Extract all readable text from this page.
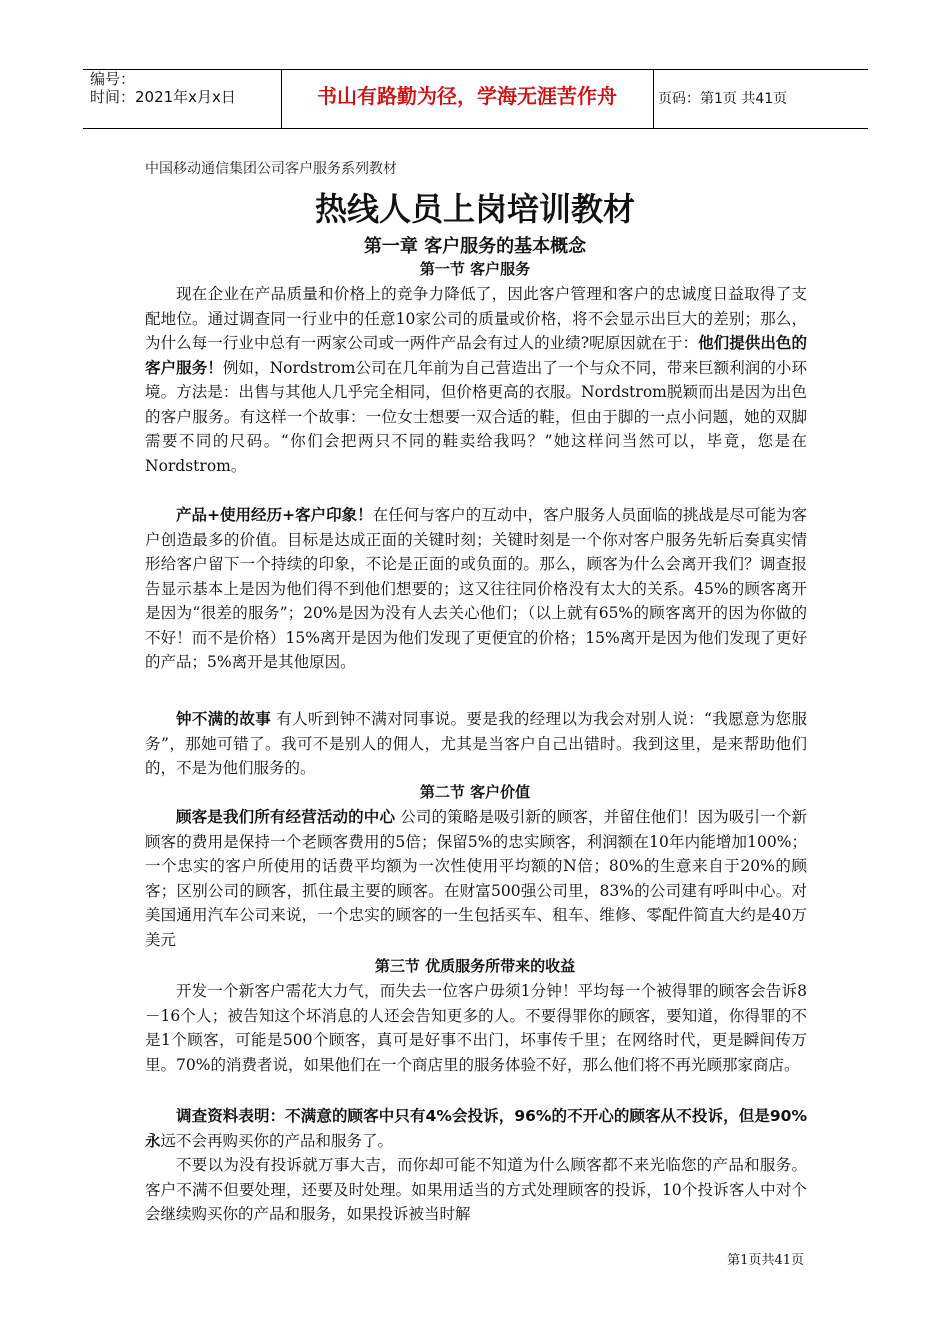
编号：
时间：2021年x月x日	书山有路勤为径，学海无涯苦作舟	页码：第1页 共41页
中国移动通信集团公司客户服务系列教材
热线人员上岗培训教材
第一章 客户服务的基本概念
第一节 客户服务

现在企业在产品质量和价格上的竞争力降低了，因此客户管理和客户的忠诚度日益取得了支配地位。通过调查同一行业中的任意10家公司的质量或价格，将不会显示出巨大的差别；那么，为什么每一行业中总有一两家公司或一两件产品会有过人的业绩?呢原因就在于：他们提供出色的客户服务！例如，Nordstrom公司在几年前为自己营造出了一个与众不同，带来巨额利润的小环境。方法是：出售与其他人几乎完全相同，但价格更高的衣服。Nordstrom脱颖而出是因为出色的客户服务。有这样一个故事：一位女士想要一双合适的鞋，但由于脚的一点小问题，她的双脚需要不同的尺码。“你们会把两只不同的鞋卖给我吗？”她这样问当然可以，毕竟，您是在Nordstrom。

产品+使用经历+客户印象！在任何与客户的互动中，客户服务人员面临的挑战是尽可能为客户创造最多的价值。目标是达成正面的关键时刻；关键时刻是一个你对客户服务先斩后奏真实情形给客户留下一个持续的印象，不论是正面的或负面的。那么，顾客为什么会离开我们？调查报告显示基本上是因为他们得不到他们想要的；这又往往同价格没有太大的关系。45%的顾客离开是因为“很差的服务”；20%是因为没有人去关心他们；（以上就有65%的顾客离开的因为你做的不好！而不是价格）15%离开是因为他们发现了更便宜的价格；15%离开是因为他们发现了更好的产品；5%离开是其他原因。

钟不满的故事 有人听到钟不满对同事说。要是我的经理以为我会对别人说：“我愿意为您服务”，那她可错了。我可不是别人的佣人，尤其是当客户自己出错时。我到这里，是来帮助他们的，不是为他们服务的。

第二节 客户价值

顾客是我们所有经营活动的中心 公司的策略是吸引新的顾客，并留住他们！因为吸引一个新顾客的费用是保持一个老顾客费用的5倍；保留5%的忠实顾客，利润额在10年内能增加100%；一个忠实的客户所使用的话费平均额为一次性使用平均额的N倍；80%的生意来自于20%的顾客；区别公司的顾客，抓住最主要的顾客。在财富500强公司里，83%的公司建有呼叫中心。对美国通用汽车公司来说，一个忠实的顾客的一生包括买车、租车、维修、零配件简直大约是40万美元

第三节 优质服务所带来的收益

开发一个新客户需花大力气，而失去一位客户毋须1分钟！平均每一个被得罪的顾客会告诉8－16个人；被告知这个坏消息的人还会告知更多的人。不要得罪你的顾客，要知道，你得罪的不是1个顾客，可能是500个顾客，真可是好事不出门，坏事传千里；在网络时代，更是瞬间传万里。70%的消费者说，如果他们在一个商店里的服务体验不好，那么他们将不再光顾那家商店。

调查资料表明：不满意的顾客中只有4%会投诉，96%的不开心的顾客从不投诉，但是90%永远不会再购买你的产品和服务了。

不要以为没有投诉就万事大吉，而你却可能不知道为什么顾客都不来光临您的产品和服务。客户不满不但要处理，还要及时处理。如果用适当的方式处理顾客的投诉，10个投诉客人中对个会继续购买你的产品和服务，如果投诉被当时解

第1页共41页
